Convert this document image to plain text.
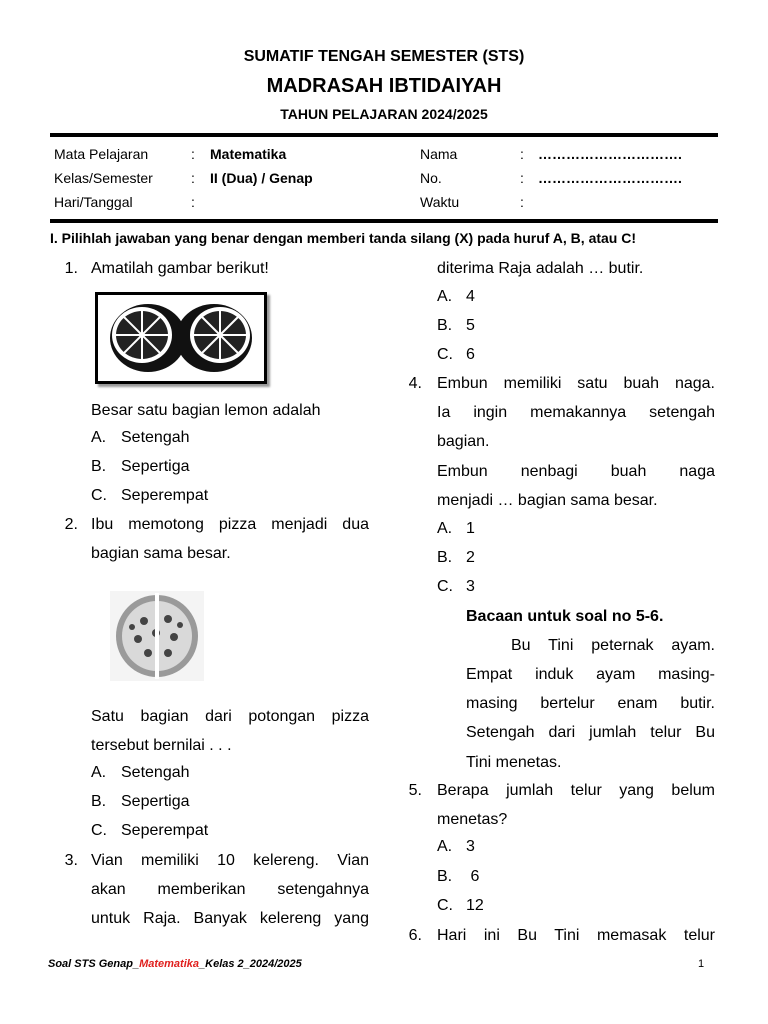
SUMATIF TENGAH SEMESTER (STS)
MADRASAH IBTIDAIYAH
TAHUN PELAJARAN 2024/2025
Mata Pelajaran	: Matematika	Nama	: ………………………….
Kelas/Semester	: II (Dua) / Genap	No.	: ………………………….
Hari/Tanggal	:	Waktu	:
I. Pilihlah jawaban yang benar dengan memberi tanda silang (X) pada huruf A, B, atau C!
1. Amatilah gambar berikut!
Besar satu bagian lemon adalah
A. Setengah
B. Sepertiga
C. Seperempat
2. Ibu memotong pizza menjadi dua
bagian sama besar.
Satu bagian dari potongan pizza
tersebut bernilai . . .
A. Setengah
B. Sepertiga
C. Seperempat
3. Vian memiliki 10 kelereng. Vian
akan memberikan setengahnya
untuk Raja. Banyak kelereng yang
diterima Raja adalah … butir.
A. 4
B. 5
C. 6
4. Embun memiliki satu buah naga.
Ia ingin memakannya setengah
bagian.
Embun nenbagi buah naga
menjadi … bagian sama besar.
A. 1
B. 2
C. 3
Bacaan untuk soal no 5-6.
Bu Tini peternak ayam.
Empat induk ayam masing-
masing bertelur enam butir.
Setengah dari jumlah telur Bu
Tini menetas.
5. Berapa jumlah telur yang belum
menetas?
A. 3
B. 6
C. 12
6. Hari ini Bu Tini memasak telur
Soal STS Genap_Matematika_Kelas 2_2024/2025	1
